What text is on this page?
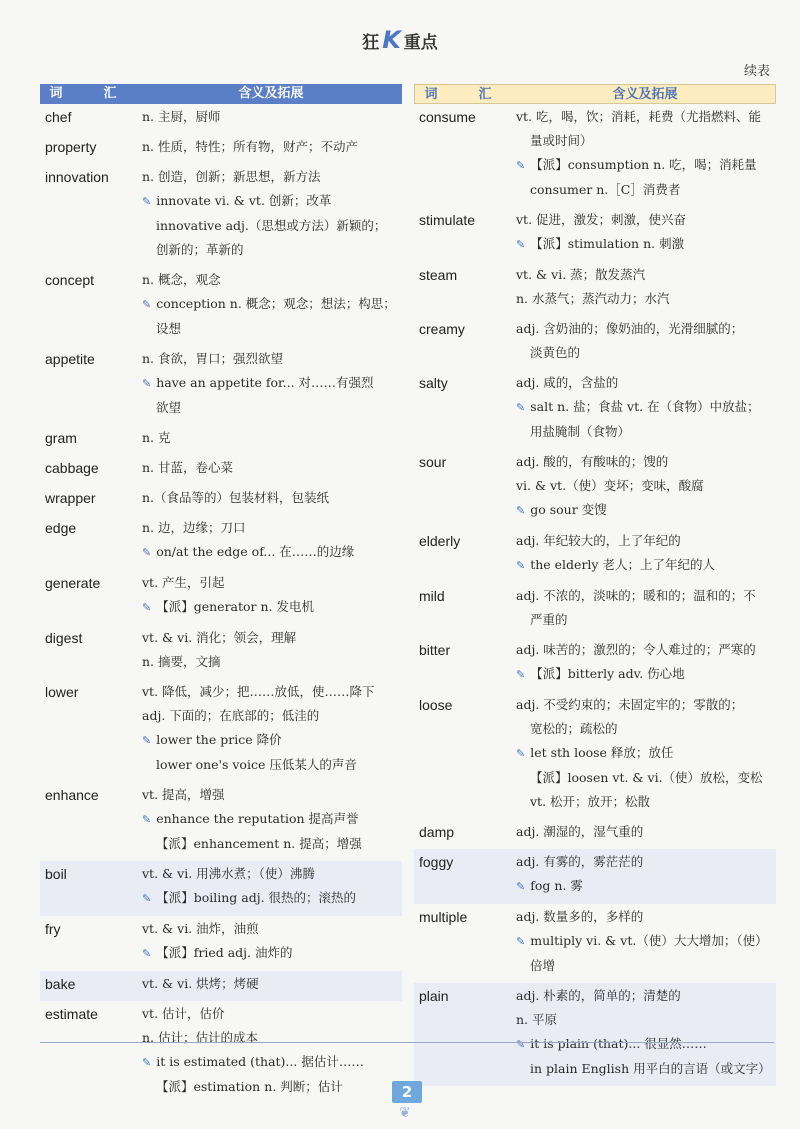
狂 K 重点
续表
词　汇	含义及拓展
chef	n. 主厨，厨师
property	n. 性质，特性；所有物，财产；不动产
innovation	n. 创造，创新；新思想，新方法
✎ innovate vi. & vt. 创新；改革
innovative adj.（思想或方法）新颖的；
创新的；革新的
concept	n. 概念，观念
✎ conception n. 概念；观念；想法；构思；
设想
appetite	n. 食欲，胃口；强烈欲望
✎ have an appetite for... 对……有强烈
欲望
gram	n. 克
cabbage	n. 甘蓝，卷心菜
wrapper	n.（食品等的）包装材料，包装纸
edge	n. 边，边缘；刀口
✎ on/at the edge of... 在……的边缘
generate	vt. 产生，引起
✎ 【派】generator n. 发电机
digest	vt. & vi. 消化；领会，理解
n. 摘要，文摘
lower	vt. 降低，减少；把……放低，使……降下
adj. 下面的；在底部的；低洼的
✎ lower the price 降价
lower one's voice 压低某人的声音
enhance	vt. 提高，增强
✎ enhance the reputation 提高声誉
【派】enhancement n. 提高；增强
boil	vt. & vi. 用沸水煮；（使）沸腾
✎ 【派】boiling adj. 很热的；滚热的
fry	vt. & vi. 油炸，油煎
✎ 【派】fried adj. 油炸的
bake	vt. & vi. 烘烤；烤硬
estimate	vt. 估计，估价
n. 估计；估计的成本
✎ it is estimated (that)... 据估计……
【派】estimation n. 判断；估计
词　汇	含义及拓展
consume	vt. 吃，喝，饮；消耗，耗费（尤指燃料、能
量或时间）
✎ 【派】consumption n. 吃，喝；消耗量
consumer n.［C］消费者
stimulate	vt. 促进，激发；刺激，使兴奋
✎ 【派】stimulation n. 刺激
steam	vt. & vi. 蒸；散发蒸汽
n. 水蒸气；蒸汽动力；水汽
creamy	adj. 含奶油的；像奶油的，光滑细腻的；
淡黄色的
salty	adj. 咸的，含盐的
✎ salt n. 盐；食盐 vt. 在（食物）中放盐；
用盐腌制（食物）
sour	adj. 酸的，有酸味的；馊的
vi. & vt.（使）变坏；变味，酸腐
✎ go sour 变馊
elderly	adj. 年纪较大的，上了年纪的
✎ the elderly 老人；上了年纪的人
mild	adj. 不浓的，淡味的；暖和的；温和的；不
严重的
bitter	adj. 味苦的；激烈的；令人难过的；严寒的
✎ 【派】bitterly adv. 伤心地
loose	adj. 不受约束的；未固定牢的；零散的；
宽松的；疏松的
✎ let sth loose 释放；放任
【派】loosen vt. & vi.（使）放松，变松
vt. 松开；放开；松散
damp	adj. 潮湿的，湿气重的
foggy	adj. 有雾的，雾茫茫的
✎ fog n. 雾
multiple	adj. 数量多的，多样的
✎ multiply vi. & vt.（使）大大增加；（使）
倍增
plain	adj. 朴素的，简单的；清楚的
n. 平原
✎ it is plain (that)... 很显然……
in plain English 用平白的言语（或文字）
2
❦
